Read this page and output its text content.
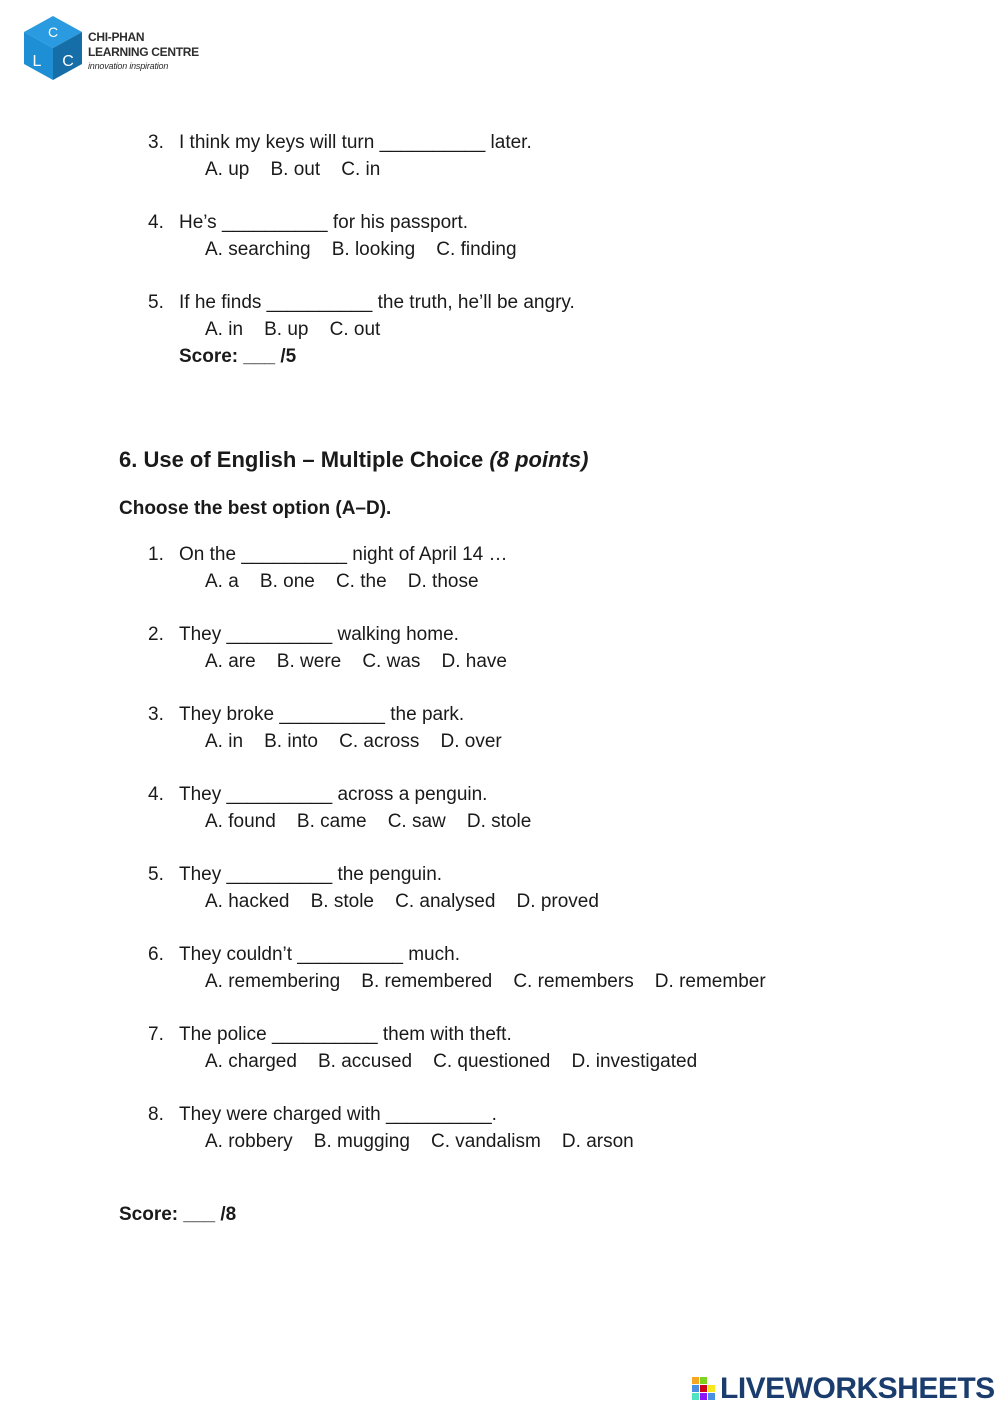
C
L C
CHI-PHAN
LEARNING CENTRE
innovation inspiration
3. I think my keys will turn __________ later.
A. up    B. out    C. in
4. He’s __________ for his passport.
A. searching    B. looking    C. finding
5. If he finds __________ the truth, he’ll be angry.
A. in    B. up    C. out
Score: ___ /5
6. Use of English – Multiple Choice (8 points)
Choose the best option (A–D).
1. On the __________ night of April 14 …
A. a    B. one    C. the    D. those
2. They __________ walking home.
A. are    B. were    C. was    D. have
3. They broke __________ the park.
A. in    B. into    C. across    D. over
4. They __________ across a penguin.
A. found    B. came    C. saw    D. stole
5. They __________ the penguin.
A. hacked    B. stole    C. analysed    D. proved
6. They couldn’t __________ much.
A. remembering    B. remembered    C. remembers    D. remember
7. The police __________ them with theft.
A. charged    B. accused    C. questioned    D. investigated
8. They were charged with __________.
A. robbery    B. mugging    C. vandalism    D. arson
Score: ___ /8
LIVEWORKSHEETS
